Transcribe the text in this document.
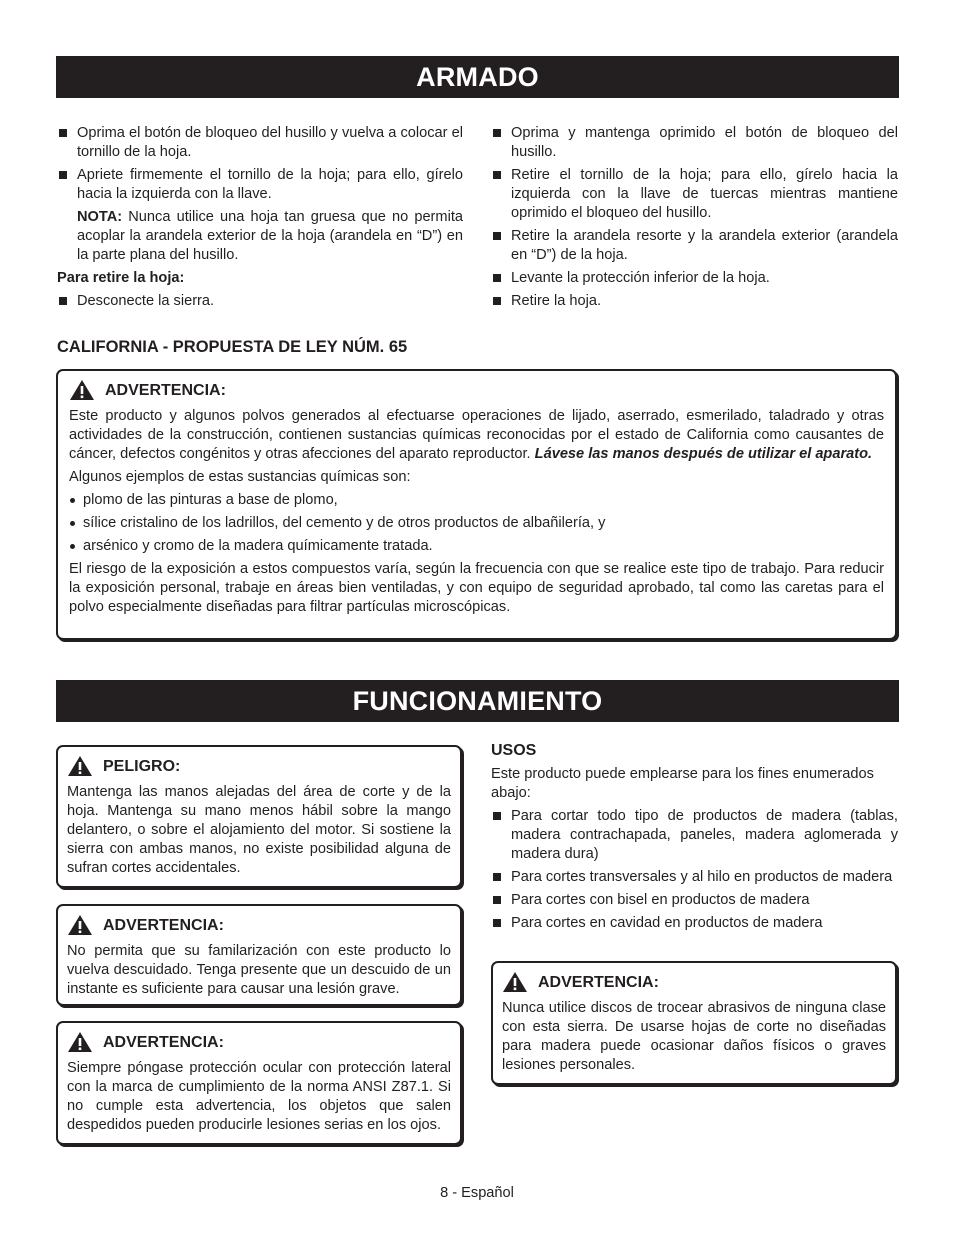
ARMADO
Oprima el botón de bloqueo del husillo y vuelva a colocar el tornillo de la hoja.
Apriete firmemente el tornillo de la hoja; para ello, gírelo hacia la izquierda con la llave.
NOTA: Nunca utilice una hoja tan gruesa que no permita acoplar la arandela exterior de la hoja (arandela en “D”) en la parte plana del husillo.
Para retire la hoja:
Desconecte la sierra.
Oprima y mantenga oprimido el botón de bloqueo del husillo.
Retire el tornillo de la hoja; para ello, gírelo hacia la izquierda con la llave de tuercas mientras mantiene oprimido el bloqueo del husillo.
Retire la arandela resorte y la arandela exterior (arandela en “D”) de la hoja.
Levante la protección inferior de la hoja.
Retire la hoja.
CALIFORNIA - PROPUESTA DE LEY NÚM. 65
ADVERTENCIA:

Este producto y algunos polvos generados al efectuarse operaciones de lijado, aserrado, esmerilado, taladrado y otras actividades de la construcción, contienen sustancias químicas reconocidas por el estado de California como causantes de cáncer, defectos congénitos y otras afecciones del aparato reproductor. Lávese las manos después de utilizar el aparato.

Algunos ejemplos de estas sustancias químicas son:

plomo de las pinturas a base de plomo,
sílice cristalino de los ladrillos, del cemento y de otros productos de albañilería, y
arsénico y cromo de la madera químicamente tratada.

El riesgo de la exposición a estos compuestos varía, según la frecuencia con que se realice este tipo de trabajo. Para reducir la exposición personal, trabaje en áreas bien ventiladas, y con equipo de seguridad aprobado, tal como las caretas para el polvo especialmente diseñadas para filtrar partículas microscópicas.

FUNCIONAMIENTO
PELIGRO:

Mantenga las manos alejadas del área de corte y de la hoja. Mantenga su mano menos hábil sobre la mango delantero, o sobre el alojamiento del motor. Si sostiene la sierra con ambas manos, no existe posibilidad alguna de sufran cortes accidentales.

ADVERTENCIA:

No permita que su familarización con este producto lo vuelva descuidado. Tenga presente que un descuido de un instante es suficiente para causar una lesión grave.

ADVERTENCIA:

Siempre póngase protección ocular con protección lateral con la marca de cumplimiento de la norma ANSI Z87.1. Si no cumple esta advertencia, los objetos que salen despedidos pueden producirle lesiones serias en los ojos.

USOS
Este producto puede emplearse para los fines enumerados abajo:
Para cortar todo tipo de productos de madera (tablas, madera contrachapada, paneles, madera aglomerada y madera dura)
Para cortes transversales y al hilo en productos de madera
Para cortes con bisel en productos de madera
Para cortes en cavidad en productos de madera
ADVERTENCIA:

Nunca utilice discos de trocear abrasivos de ninguna clase con esta sierra. De usarse hojas de corte no diseñadas para madera puede ocasionar daños físicos o graves lesiones personales.

8 - Español
